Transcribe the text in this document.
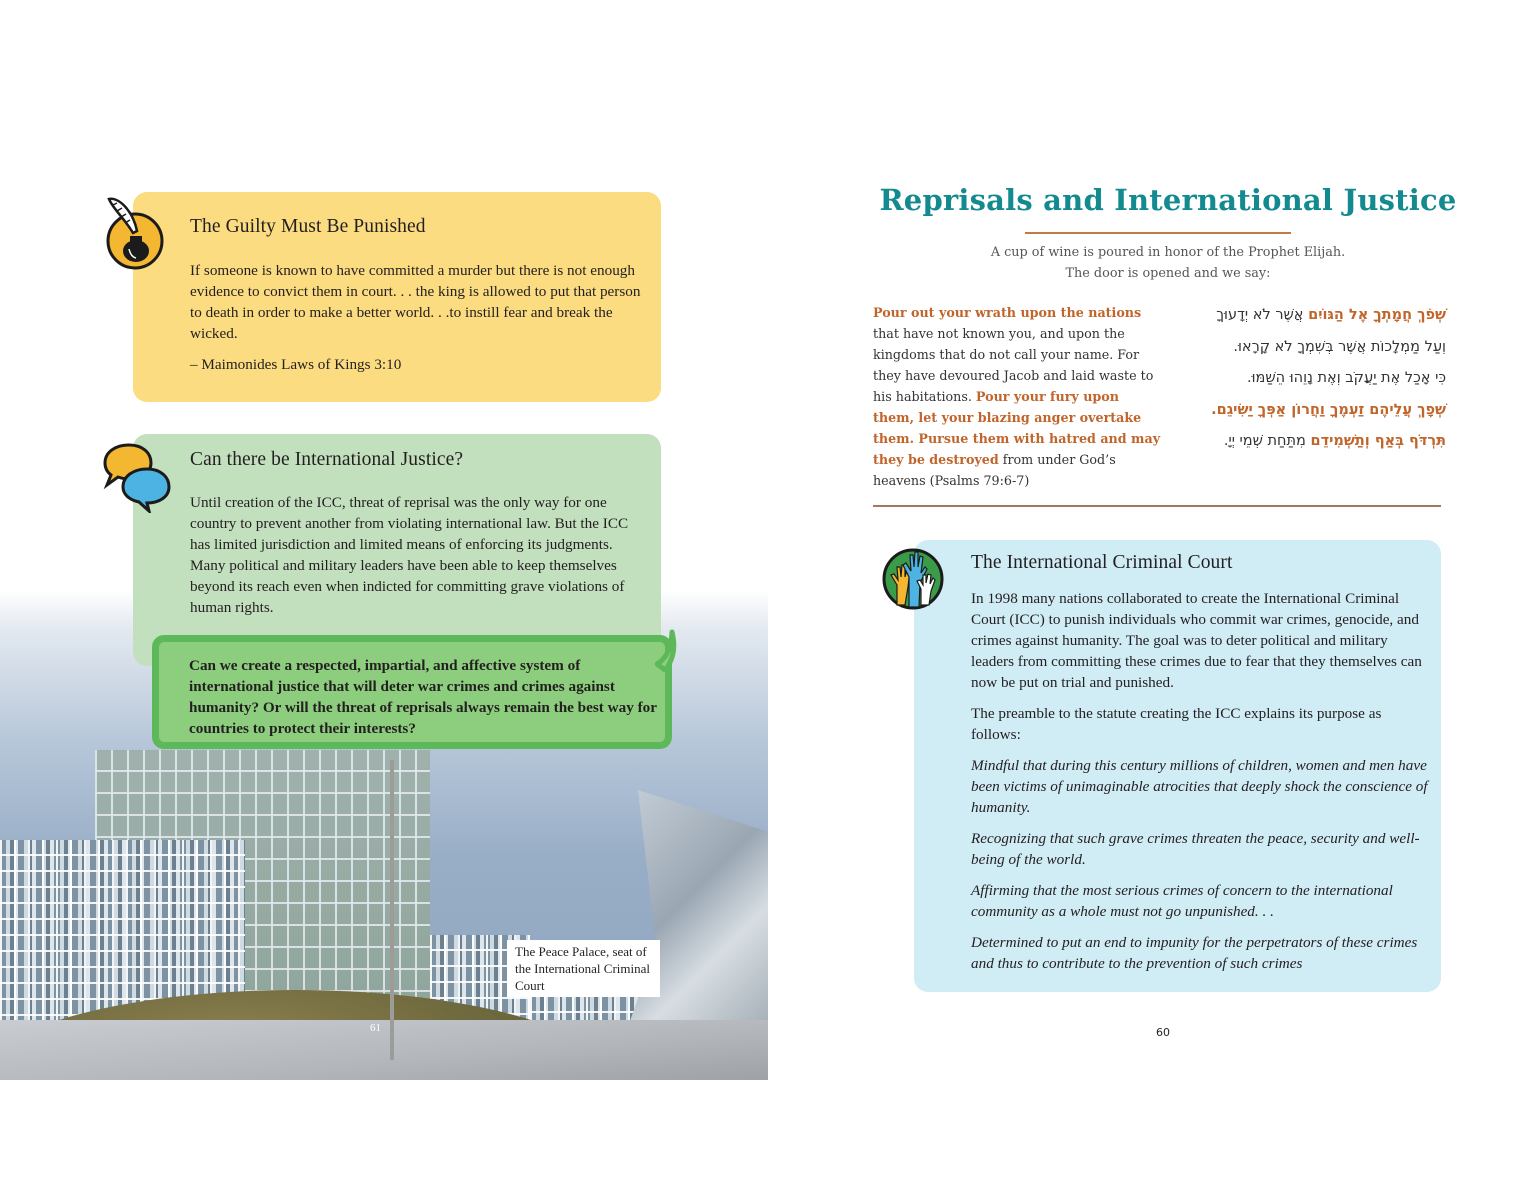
The Peace Palace, seat of the International Criminal Court
61
The Guilty Must Be Punished
If someone is known to have committed a murder but there is not enough evidence to convict them in court. . . the king is allowed to put that person to death in order to make a better world. . .to instill fear and break the wicked.
– Maimonides Laws of Kings 3:10
Can there be International Justice?
Until creation of the ICC, threat of reprisal was the only way for one country to prevent another from violating international law. But the ICC has limited jurisdiction and limited means of enforcing its judgments. Many political and military leaders have been able to keep themselves beyond its reach even when indicted for committing grave violations of human rights.
Can we create a respected, impartial, and affective system of international justice that will deter war crimes and crimes against humanity? Or will the threat of reprisals always remain the best way for countries to protect their interests?
Reprisals and International Justice
A cup of wine is poured in honor of the Prophet Elijah.
The door is opened and we say:
Pour out your wrath upon the nations that have not known you, and upon the kingdoms that do not call your name. For they have devoured Jacob and laid waste to his habitations. Pour your fury upon them, let your blazing anger overtake them. Pursue them with hatred and may they be destroyed from under God’s heavens (Psalms 79:6-7)
שְׁפֹךְ חֲמָתְךָ אֶל הַגּוֹיִם אֲשֶׁר לֹא יְדָעוּךָ
וְעַל מַמְלָכוֹת אֲשֶׁר בְּשִׁמְךָ לֹא קָרָאוּ.
כִּי אָכַל אֶת יַעֲקֹב וְאֶת נָוֵהוּ הֵשַׁמּוּ.
שְׁפָךְ עֲלֵיהֶם זַעְמֶךָ וַחֲרוֹן אַפְּךָ יַשִּׂיגֵם.
תִּרְדֹּף בְּאַף וְתַשְׁמִידֵם מִתַּחַת שְׁמֵי יְיָ.
The International Criminal Court

In 1998 many nations collaborated to create the International Criminal Court (ICC) to punish individuals who commit war crimes, genocide, and crimes against humanity. The goal was to deter political and military leaders from committing these crimes due to fear that they themselves can now be put on trial and punished.

The preamble to the statute creating the ICC explains its purpose as follows:

Mindful that during this century millions of children, women and men have been victims of unimaginable atrocities that deeply shock the conscience of humanity.

Recognizing that such grave crimes threaten the peace, security and well-being of the world.

Affirming that the most serious crimes of concern to the international community as a whole must not go unpunished. . .

Determined to put an end to impunity for the perpetrators of these crimes and thus to contribute to the prevention of such crimes

60
